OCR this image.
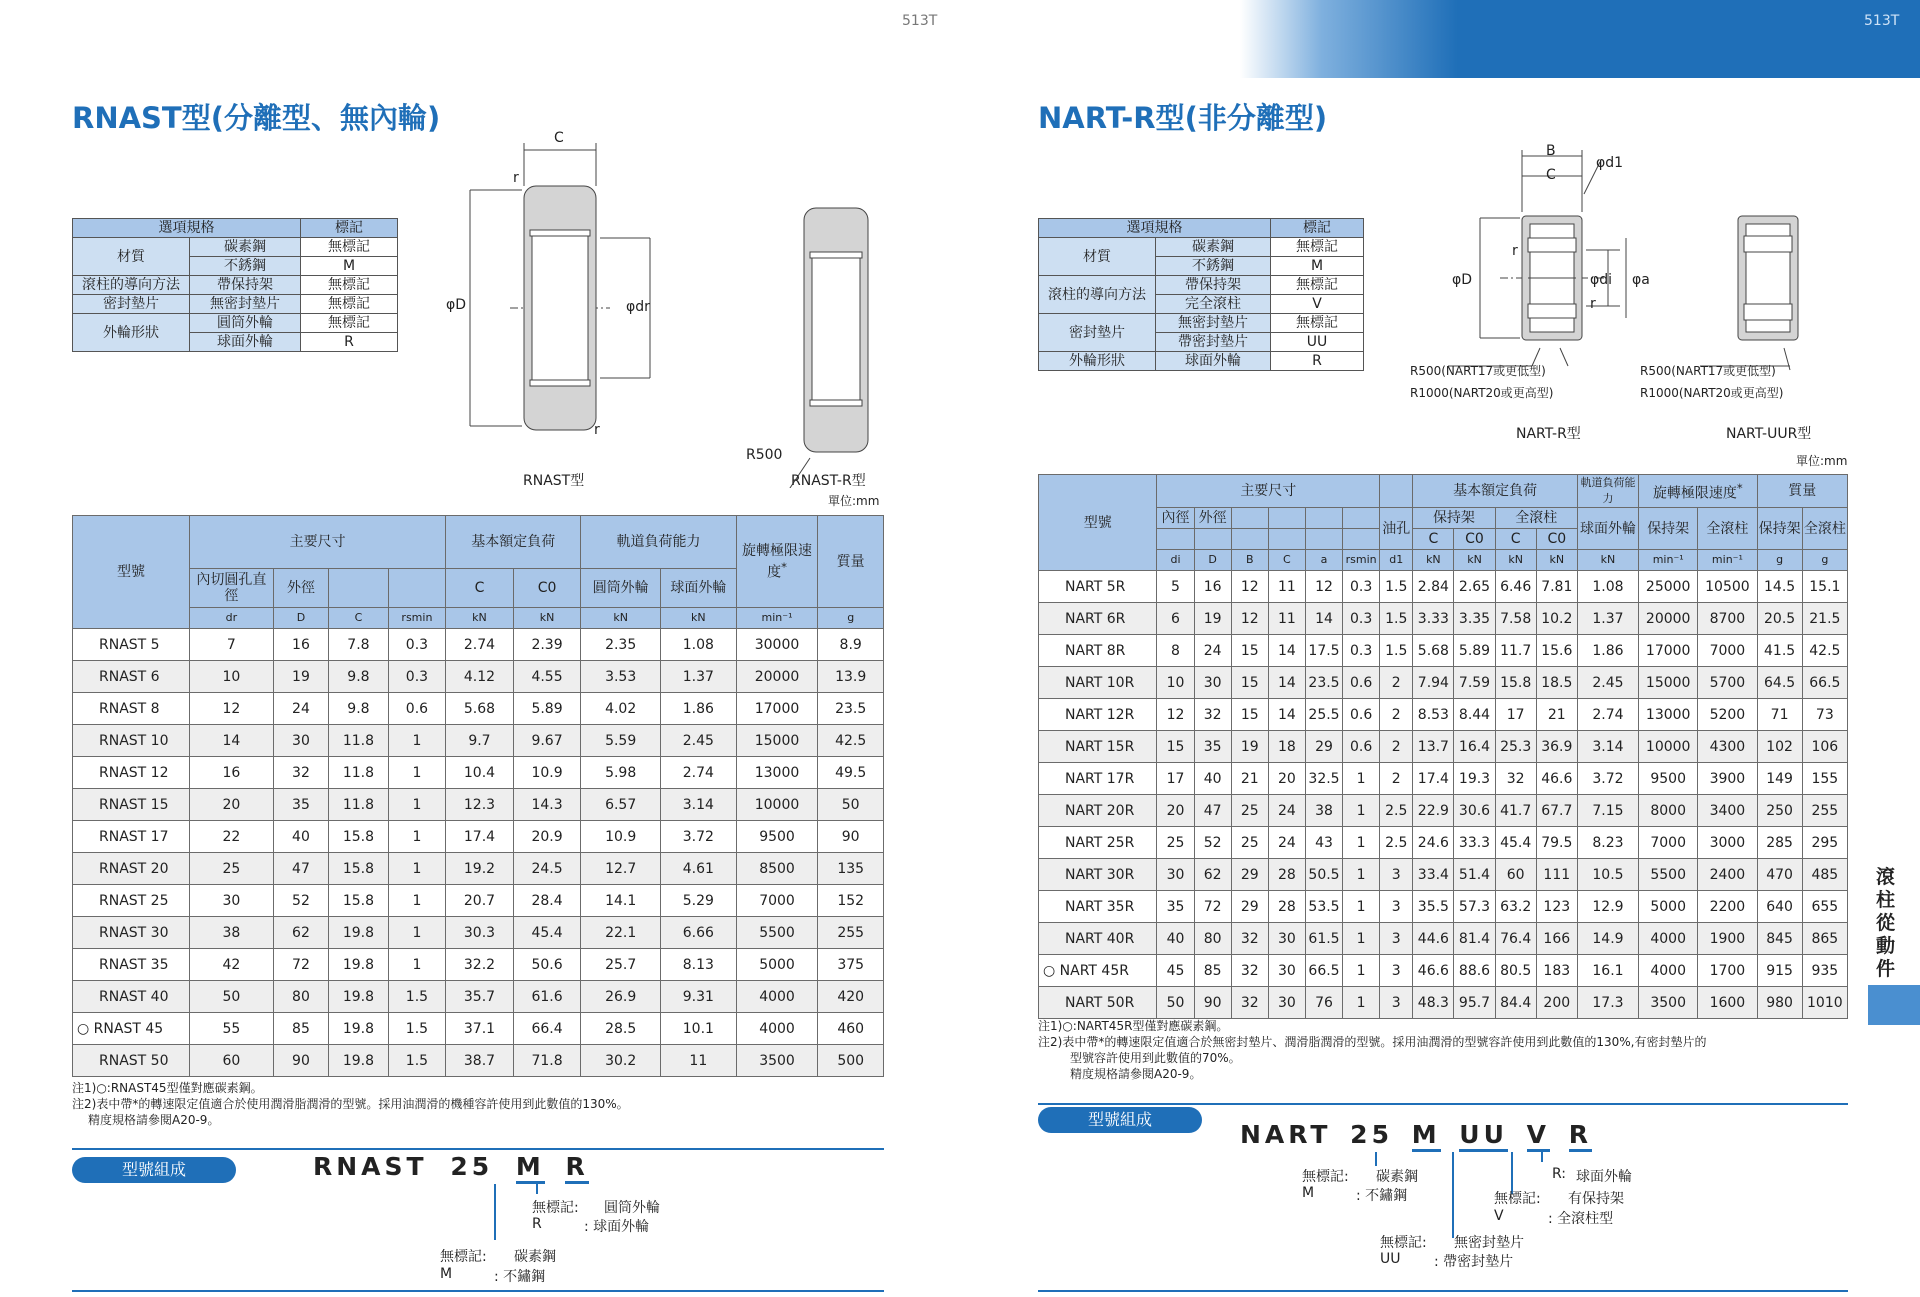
513T	513T
RNAST型(分離型、無內輪)
選項規格		標記
材質	碳素鋼	無標記
	不銹鋼	M
滾柱的導向方法	帶保持架	無標記
密封墊片	無密封墊片	無標記
外輪形狀	圓筒外輪	無標記
	球面外輪	R
C
r
φD	φdr
r
R500
RNAST型	RNAST-R型
單位:mm
型號	主要尺寸				基本額定負荷		軌道負荷能力		旋轉極限速度*	質量
	內切圓孔直徑	外徑			C	C0	圓筒外輪	球面外輪		
	dr	D	C	rsmin	kN	kN	kN	kN	min⁻¹	g
RNAST 5	7	16	7.8	0.3	2.74	2.39	2.35	1.08	30000	8.9
RNAST 6	10	19	9.8	0.3	4.12	4.55	3.53	1.37	20000	13.9
RNAST 8	12	24	9.8	0.6	5.68	5.89	4.02	1.86	17000	23.5
RNAST 10	14	30	11.8	1	9.7	9.67	5.59	2.45	15000	42.5
RNAST 12	16	32	11.8	1	10.4	10.9	5.98	2.74	13000	49.5
RNAST 15	20	35	11.8	1	12.3	14.3	6.57	3.14	10000	50
RNAST 17	22	40	15.8	1	17.4	20.9	10.9	3.72	9500	90
RNAST 20	25	47	15.8	1	19.2	24.5	12.7	4.61	8500	135
RNAST 25	30	52	15.8	1	20.7	28.4	14.1	5.29	7000	152
RNAST 30	38	62	19.8	1	30.3	45.4	22.1	6.66	5500	255
RNAST 35	42	72	19.8	1	32.2	50.6	25.7	8.13	5000	375
RNAST 40	50	80	19.8	1.5	35.7	61.6	26.9	9.31	4000	420
○ RNAST 45	55	85	19.8	1.5	37.1	66.4	28.5	10.1	4000	460
RNAST 50	60	90	19.8	1.5	38.7	71.8	30.2	11	3500	500
注1)○:RNAST45型僅對應碳素鋼。
注2)表中帶*的轉速限定值適合於使用潤滑脂潤滑的型號。採用油潤滑的機種容許使用到此數值的130%。
精度規格請參閱A20-9。
型號組成	RNAST 25 M R
無標記: 圓筒外輪
R	: 球面外輪
無標記: 碳素鋼
M	: 不鏽鋼
NART-R型(非分離型)
選項規格		標記
材質	碳素鋼	無標記
	不銹鋼	M
滾柱的導向方法	帶保持架	無標記
	完全滾柱	V
密封墊片	無密封墊片	無標記
	帶密封墊片	UU
外輪形狀	球面外輪	R
B
C
φd1
r
φD	φdi φa
r
R500(NART17或更低型)
R1000(NART20或更高型)
R500(NART17或更低型)
R1000(NART20或更高型)
NART-R型	NART-UUR型
單位:mm
型號	主要尺寸							基本額定負荷				軌道負荷能力	旋轉極限速度*		質量	
	內徑	外徑					油孔	保持架		全滾柱		球面外輪	保持架	全滾柱	保持架	全滾柱
								C	C0	C	C0					
	di	D	B	C	a	rsmin	d1	kN	kN	kN	kN	kN	min⁻¹	min⁻¹	g	g
NART 5R	5	16	12	11	12	0.3	1.5	2.84	2.65	6.46	7.81	1.08	25000	10500	14.5	15.1
NART 6R	6	19	12	11	14	0.3	1.5	3.33	3.35	7.58	10.2	1.37	20000	8700	20.5	21.5
NART 8R	8	24	15	14	17.5	0.3	1.5	5.68	5.89	11.7	15.6	1.86	17000	7000	41.5	42.5
NART 10R	10	30	15	14	23.5	0.6	2	7.94	7.59	15.8	18.5	2.45	15000	5700	64.5	66.5
NART 12R	12	32	15	14	25.5	0.6	2	8.53	8.44	17	21	2.74	13000	5200	71	73
NART 15R	15	35	19	18	29	0.6	2	13.7	16.4	25.3	36.9	3.14	10000	4300	102	106
NART 17R	17	40	21	20	32.5	1	2	17.4	19.3	32	46.6	3.72	9500	3900	149	155
NART 20R	20	47	25	24	38	1	2.5	22.9	30.6	41.7	67.7	7.15	8000	3400	250	255
NART 25R	25	52	25	24	43	1	2.5	24.6	33.3	45.4	79.5	8.23	7000	3000	285	295
NART 30R	30	62	29	28	50.5	1	3	33.4	51.4	60	111	10.5	5500	2400	470	485
NART 35R	35	72	29	28	53.5	1	3	35.5	57.3	63.2	123	12.9	5000	2200	640	655
NART 40R	40	80	32	30	61.5	1	3	44.6	81.4	76.4	166	14.9	4000	1900	845	865
○ NART 45R	45	85	32	30	66.5	1	3	46.6	88.6	80.5	183	16.1	4000	1700	915	935
NART 50R	50	90	32	30	76	1	3	48.3	95.7	84.4	200	17.3	3500	1600	980	1010
注1)○:NART45R型僅對應碳素鋼。
注2)表中帶*的轉速限定值適合於無密封墊片、潤滑脂潤滑的型號。採用油潤滑的型號容許使用到此數值的130%,有密封墊片的
型號容許使用到此數值的70%。
精度規格請參閱A20-9。
型號組成
NART 25 M UU V R
無標記: 碳素鋼
M	: 不鏽鋼
R: 球面外輪
無標記: 有保持架
V	: 全滾柱型
無標記: 無密封墊片
UU : 帶密封墊片
滾柱從動件
